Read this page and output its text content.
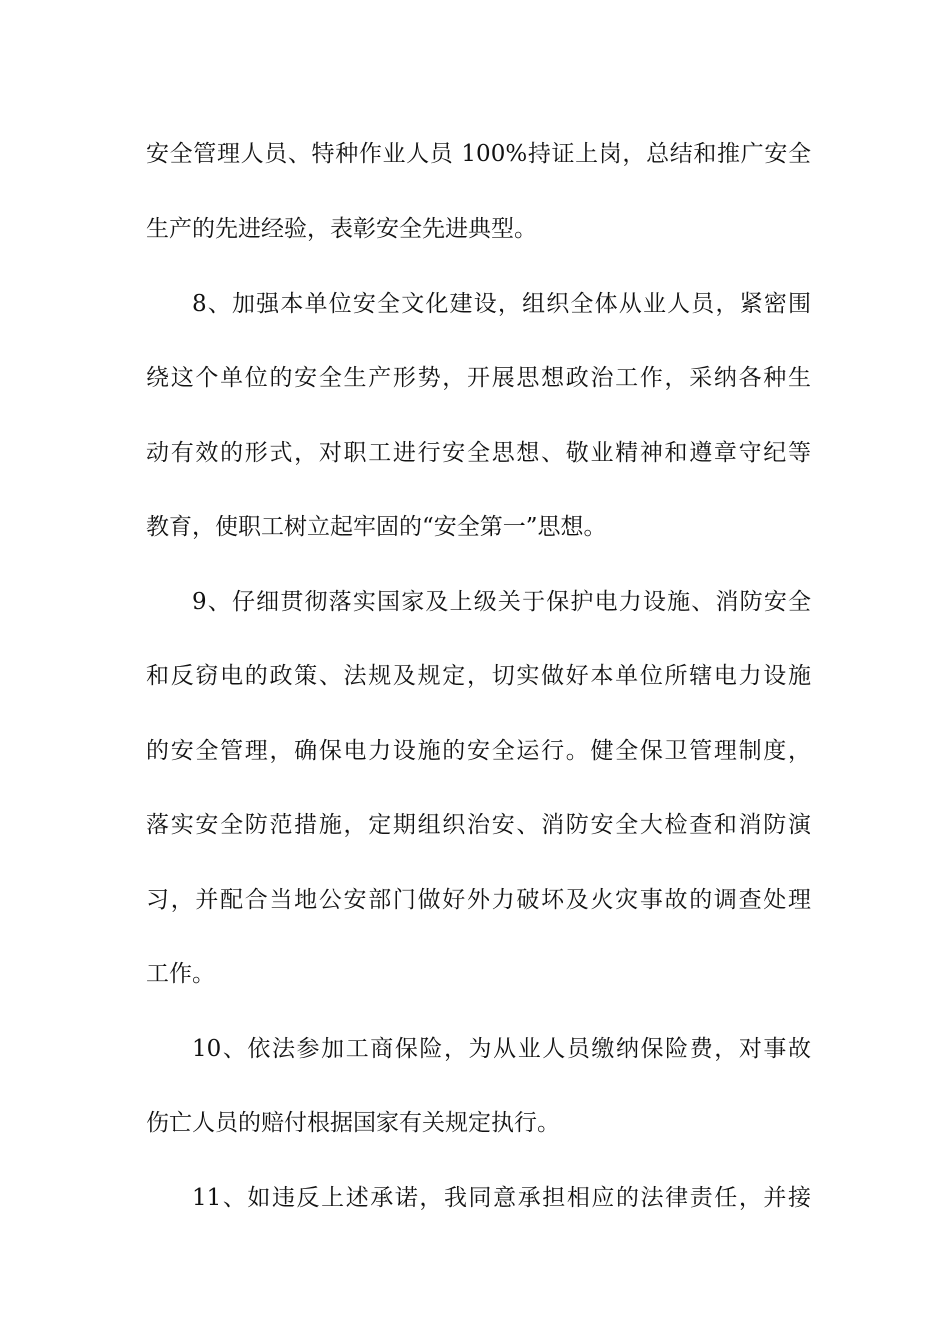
安全管理人员、特种作业人员 100%持证上岗，总结和推广安全
生产的先进经验，表彰安全先进典型。
8、加强本单位安全文化建设，组织全体从业人员，紧密围
绕这个单位的安全生产形势，开展思想政治工作，采纳各种生
动有效的形式，对职工进行安全思想、敬业精神和遵章守纪等
教育，使职工树立起牢固的“安全第一”思想。
9、仔细贯彻落实国家及上级关于保护电力设施、消防安全
和反窃电的政策、法规及规定，切实做好本单位所辖电力设施
的安全管理，确保电力设施的安全运行。健全保卫管理制度，
落实安全防范措施，定期组织治安、消防安全大检查和消防演
习，并配合当地公安部门做好外力破坏及火灾事故的调查处理
工作。
10、依法参加工商保险，为从业人员缴纳保险费，对事故
伤亡人员的赔付根据国家有关规定执行。
11、如违反上述承诺，我同意承担相应的法律责任，并接
